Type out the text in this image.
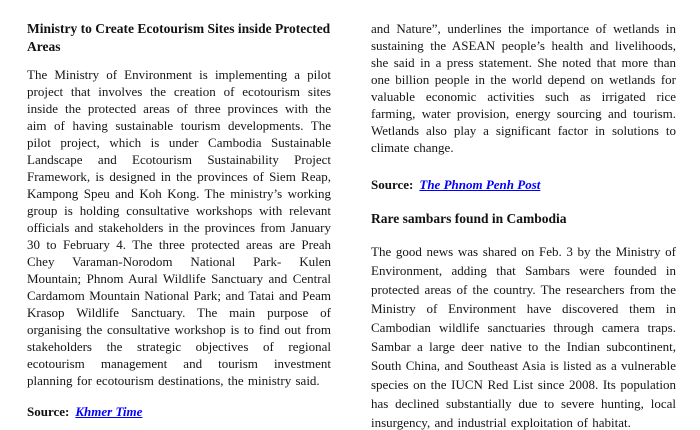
Ministry to Create Ecotourism Sites inside Protected Areas

The Ministry of Environment is implementing a pilot project that involves the creation of ecotourism sites inside the protected areas of three provinces with the aim of having sustainable tourism developments. The pilot project, which is under Cambodia Sustainable Landscape and Ecotourism Sustainability Project Framework, is designed in the provinces of Siem Reap, Kampong Speu and Koh Kong. The ministry’s working group is holding consultative workshops with relevant officials and stakeholders in the provinces from January 30 to February 4. The three protected areas are Preah Chey Varaman-Norodom National Park- Kulen Mountain; Phnom Aural Wildlife Sanctuary and Central Cardamom Mountain National Park; and Tatai and Peam Krasop Wildlife Sanctuary. The main purpose of organising the consultative workshop is to find out from stakeholders the strategic objectives of regional ecotourism management and tourism investment planning for ecotourism destinations, the ministry said.

Source: Khmer Time

and Nature”, underlines the importance of wetlands in sustaining the ASEAN people’s health and livelihoods, she said in a press statement. She noted that more than one billion people in the world depend on wetlands for valuable economic activities such as irrigated rice farming, water provision, energy sourcing and tourism. Wetlands also play a significant factor in solutions to climate change.

Source: The Phnom Penh Post

Rare sambars found in Cambodia

The good news was shared on Feb. 3 by the Ministry of Environment, adding that Sambars were founded in protected areas of the country. The researchers from the Ministry of Environment have discovered them in Cambodian wildlife sanctuaries through camera traps. Sambar a large deer native to the Indian subcontinent, South China, and Southeast Asia is listed as a vulnerable species on the IUCN Red List since 2008. Its population has declined substantially due to severe hunting, local insurgency, and industrial exploitation of habitat.
